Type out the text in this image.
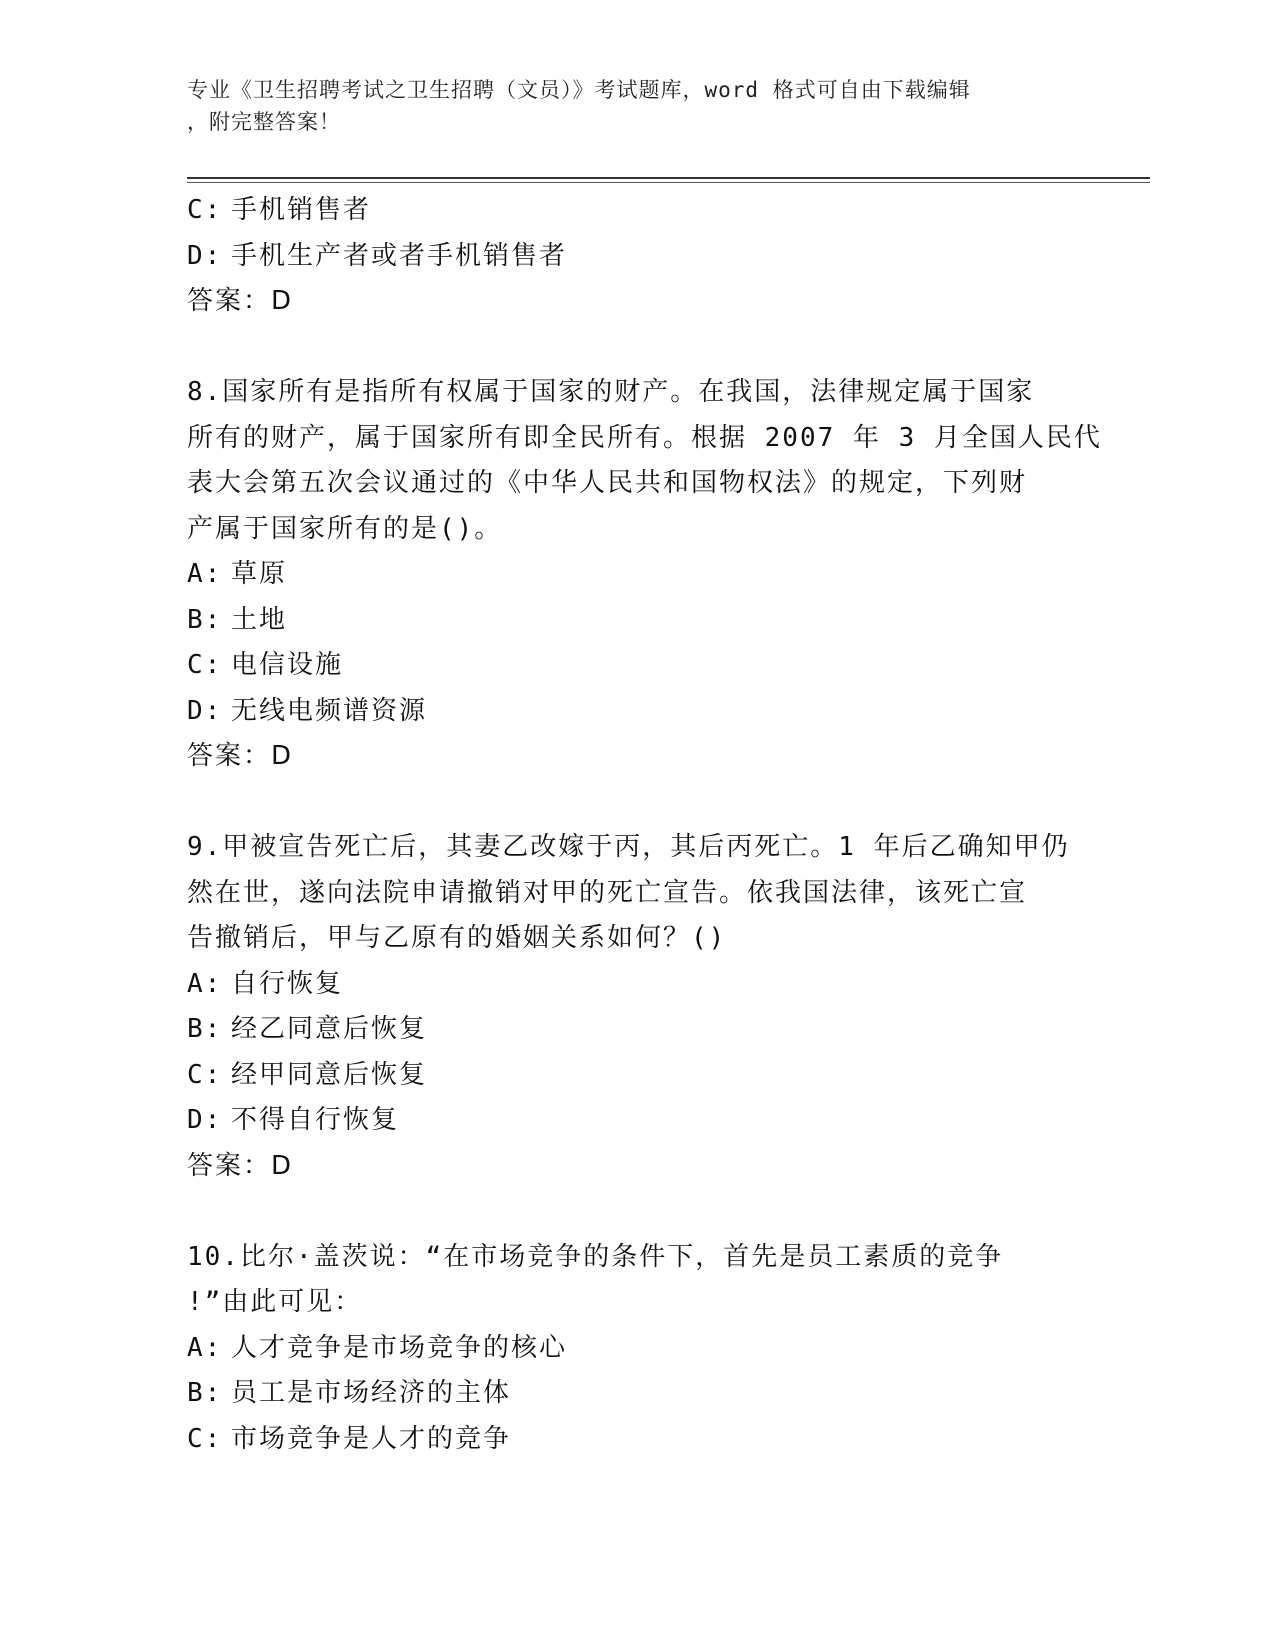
专业《卫生招聘考试之卫生招聘（文员）》考试题库，word 格式可自由下载编辑
，附完整答案！
C: 手机销售者
D: 手机生产者或者手机销售者
答案：D
8.国家所有是指所有权属于国家的财产。在我国，法律规定属于国家
所有的财产，属于国家所有即全民所有。根据 2007 年 3 月全国人民代
表大会第五次会议通过的《中华人民共和国物权法》的规定，下列财
产属于国家所有的是()。
A: 草原
B: 土地
C: 电信设施
D: 无线电频谱资源
答案：D
9.甲被宣告死亡后，其妻乙改嫁于丙，其后丙死亡。1 年后乙确知甲仍
然在世，遂向法院申请撤销对甲的死亡宣告。依我国法律，该死亡宣
告撤销后，甲与乙原有的婚姻关系如何？()
A: 自行恢复
B: 经乙同意后恢复
C: 经甲同意后恢复
D: 不得自行恢复
答案：D
10.比尔·盖茨说：“在市场竞争的条件下，首先是员工素质的竞争
!”由此可见：
A: 人才竞争是市场竞争的核心
B: 员工是市场经济的主体
C: 市场竞争是人才的竞争
